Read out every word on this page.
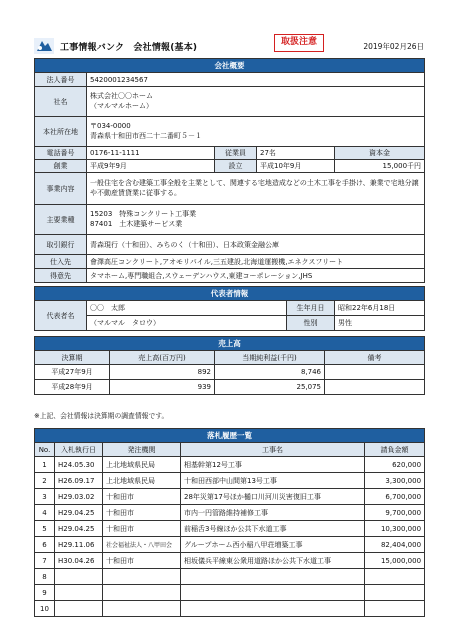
工事情報バンク　会社情報(基本)
取扱注意	2019年02月26日
会社概要				
法人番号	5420001234567			
社名	株式会社〇〇ホーム
（マルマルホーム）			

本社所在地	〒034-0000
青森県十和田市西二十二番町５－１			

電話番号	0176-11-1111	従業員	27名	資本金
創業	平成9年9月	設立	平成10年9月	15,000千円
事業内容	一般住宅を含む建築工事全般を主業として、関連する宅地造成などの土木工事を手掛け、兼業で宅地分譲や不動産賃貸業に従事する。			
主要業種	15203　 特殊コンクリート工事業
87401　 土木建築サービス業			

取引銀行	青森現行（十和田）、みちのく（十和田）、日本政策金融公庫			
仕入先	會澤高圧コンクリート,アオモリパイル,三五建設,北海道運搬機,エネクスフリート			
得意先	タマホーム,専門職組合,スウェーデンハウス,東建コーポレーション,JHS			
代表者情報			
代表者名	〇〇　太郎	生年月日	昭和22年6月18日
	（マルマル　タロウ）	性別	男性
売上高			
決算期	売上高(百万円)	当期純利益(千円)	備考
平成27年9月	892	8,746	
平成28年9月	939	25,075	
※上記、会社情報は決算期の調査情報です。
落札履歴一覧				
No.	入札執行日	発注機関	工事名	請負金額
1	H24.05.30	上北地域県民局	相基幹第12号工事	620,000
2	H26.09.17	上北地域県民局	十和田西部中山間第13号工事	3,300,000
3	H29.03.02	十和田市	28年災第17号ほか樋口川河川災害復旧工事	6,700,000
4	H29.04.25	十和田市	市内一円管路維持補修工事	9,700,000
5	H29.04.25	十和田市	前稲舌3号線ほか公共下水道工事	10,300,000
6	H29.11.06	社会福祉法人・八甲田会	グループホーム西小稲八甲荘増築工事	82,404,000
7	H30.04.26	十和田市	相坂儀兵平線東公衆用道路ほか公共下水道工事	15,000,000
8				
9				
10				
